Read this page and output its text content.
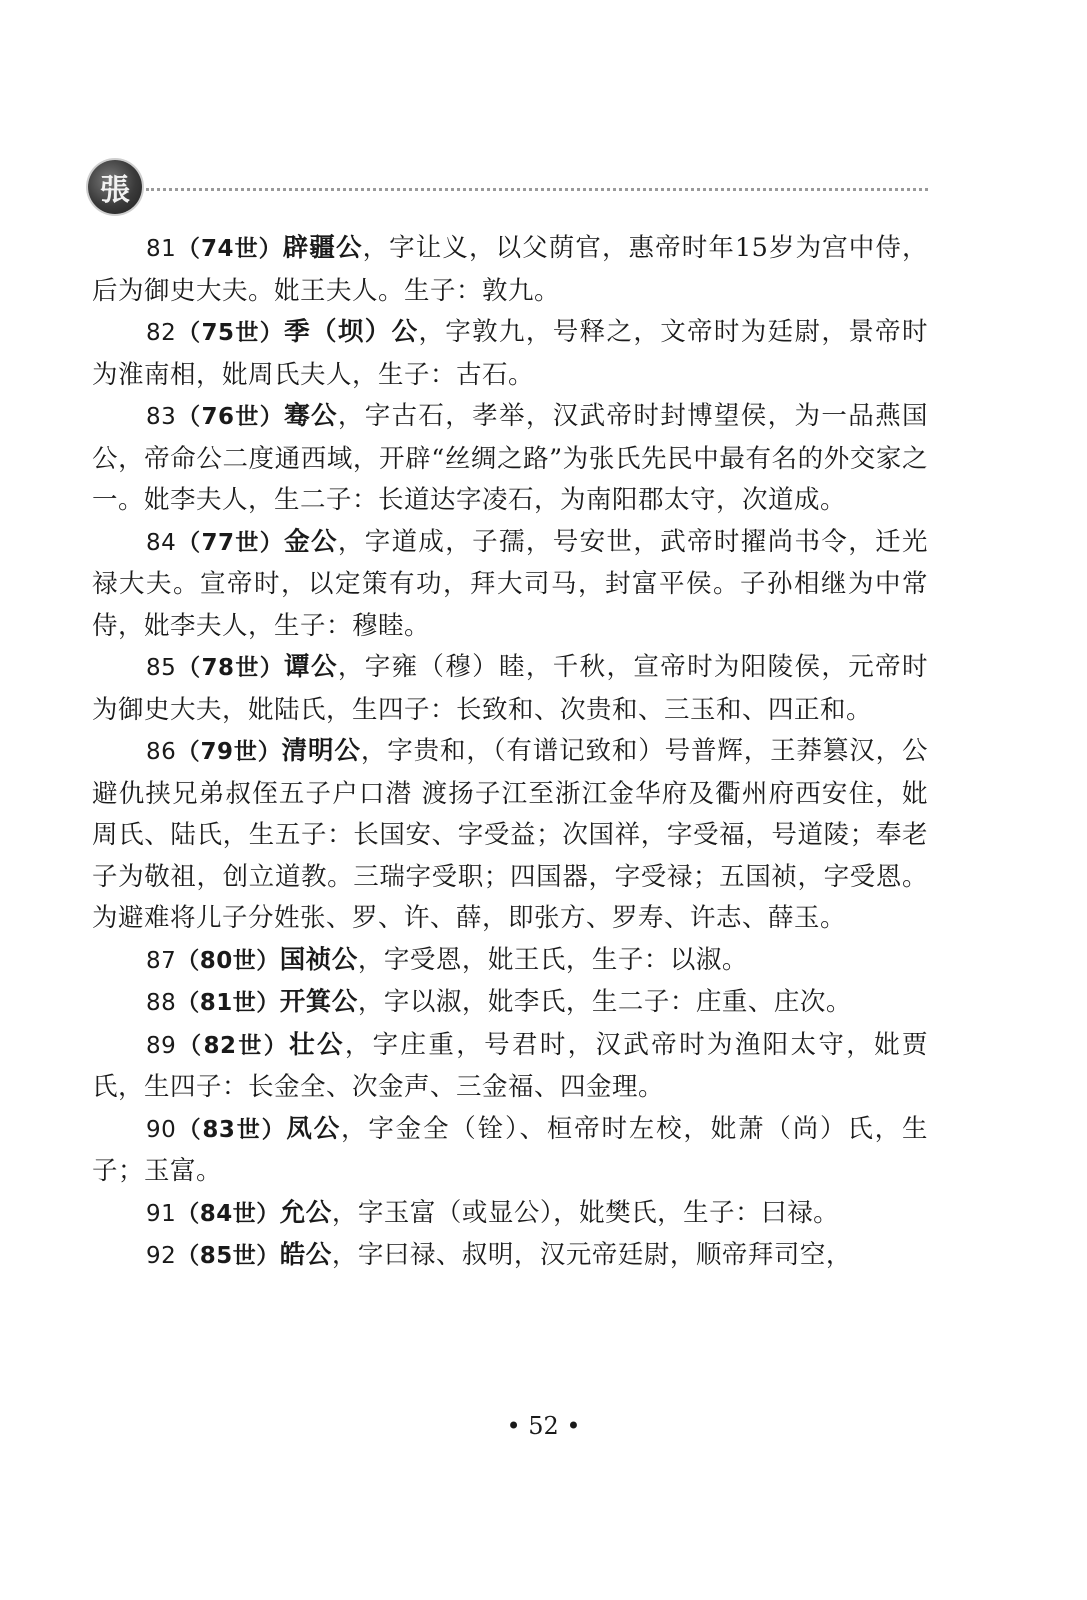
張

81（74世）辟疆公，字让义，以父荫官，惠帝时年15岁为宫中侍，后为御史大夫。妣王夫人。生子：敦九。

82（75世）季（坝）公，字敦九，号释之，文帝时为廷尉，景帝时为淮南相，妣周氏夫人，生子：古石。

83（76世）骞公，字古石，孝举，汉武帝时封博望侯，为一品燕国公，帝命公二度通西域，开辟“丝绸之路”为张氏先民中最有名的外交家之一。妣李夫人，生二子：长道达字凌石，为南阳郡太守，次道成。

84（77世）金公，字道成，子孺，号安世，武帝时擢尚书令，迁光禄大夫。宣帝时，以定策有功，拜大司马，封富平侯。子孙相继为中常侍，妣李夫人，生子：穆睦。

85（78世）谭公，字雍（穆）睦，千秋，宣帝时为阳陵侯，元帝时为御史大夫，妣陆氏，生四子：长致和、次贵和、三玉和、四正和。

86（79世）清明公，字贵和，（有谱记致和）号普辉，王莽篡汉，公避仇挟兄弟叔侄五子户口潜 渡扬子江至浙江金华府及衢州府西安住，妣周氏、陆氏，生五子：长国安、字受益；次国祥，字受福，号道陵；奉老子为敬祖，创立道教。三瑞字受职；四国器，字受禄；五国祯，字受恩。为避难将儿子分姓张、罗、许、薛，即张方、罗寿、许志、薛玉。

87（80世）国祯公，字受恩，妣王氏，生子：以淑。

88（81世）开箕公，字以淑，妣李氏，生二子：庄重、庄次。

89（82世）壮公，字庄重，号君时，汉武帝时为渔阳太守，妣贾氏，生四子：长金全、次金声、三金福、四金理。

90（83世）凤公，字金全（铨）、桓帝时左校，妣萧（尚）氏，生子；玉富。

91（84世）允公，字玉富（或显公），妣樊氏，生子：曰禄。

92（85世）皓公，字曰禄、叔明，汉元帝廷尉，顺帝拜司空，

• 52 •
